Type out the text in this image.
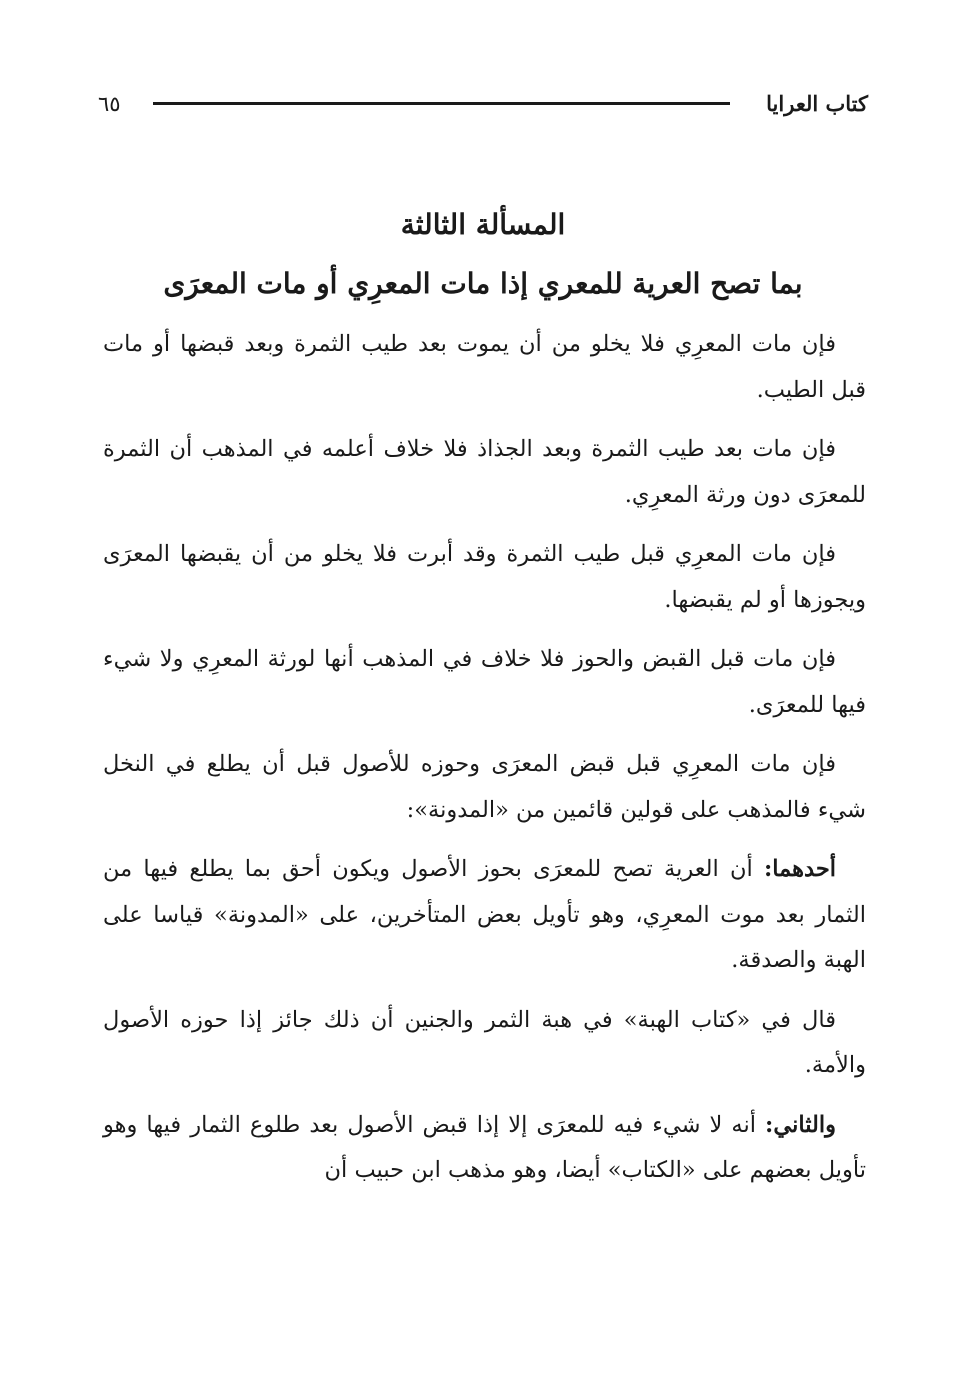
٦٥	كتاب العرايا
المسألة الثالثة
بما تصح العرية للمعري إذا مات المعرِي أو مات المعرَى

فإن مات المعرِي فلا يخلو من أن يموت بعد طيب الثمرة وبعد قبضها أو مات قبل الطيب.

فإن مات بعد طيب الثمرة وبعد الجذاذ فلا خلاف أعلمه في المذهب أن الثمرة للمعرَى دون ورثة المعرِي.

فإن مات المعرِي قبل طيب الثمرة وقد أبرت فلا يخلو من أن يقبضها المعرَى ويجوزها أو لم يقبضها.

فإن مات قبل القبض والحوز فلا خلاف في المذهب أنها لورثة المعرِي ولا شيء فيها للمعرَى.

فإن مات المعرِي قبل قبض المعرَى وحوزه للأصول قبل أن يطلع في النخل شيء فالمذهب على قولين قائمين من «المدونة»:

أحدهما: أن العرية تصح للمعرَى بحوز الأصول ويكون أحق بما يطلع فيها من الثمار بعد موت المعرِي، وهو تأويل بعض المتأخرين، على «المدونة» قياسا على الهبة والصدقة.

قال في «كتاب الهبة» في هبة الثمر والجنين أن ذلك جائز إذا حوزه الأصول والأمة.

والثاني: أنه لا شيء فيه للمعرَى إلا إذا قبض الأصول بعد طلوع الثمار فيها وهو تأويل بعضهم على «الكتاب» أيضا، وهو مذهب ابن حبيب أن
